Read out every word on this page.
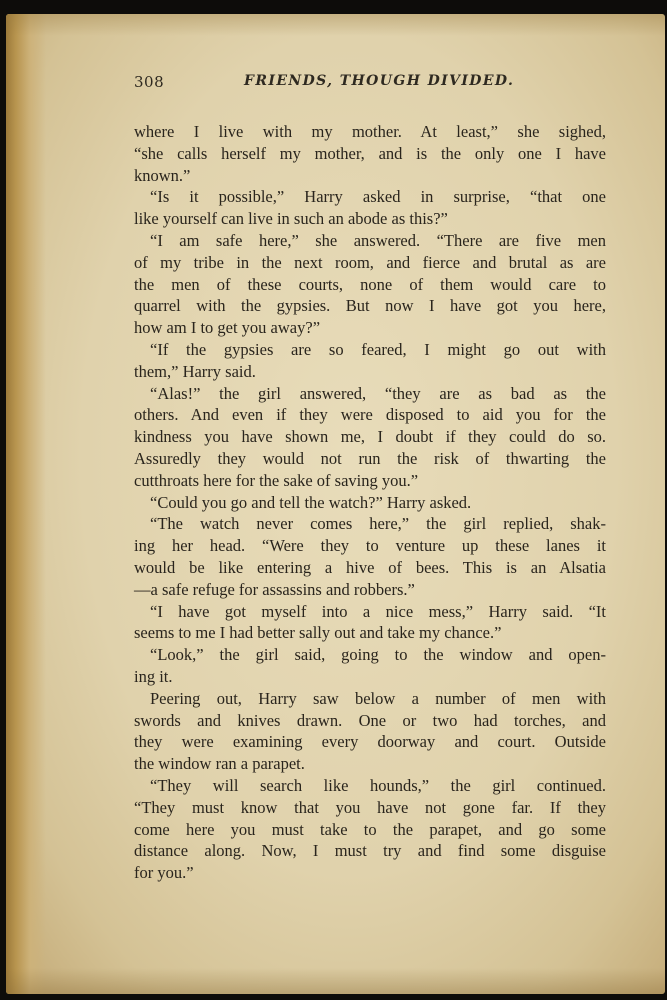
308	FRIENDS, THOUGH DIVIDED.
where I live with my mother. At least,” she sighed,
“she calls herself my mother, and is the only one I have
known.”
“Is it possible,” Harry asked in surprise, “that one
like yourself can live in such an abode as this?”
“I am safe here,” she answered. “There are five men
of my tribe in the next room, and fierce and brutal as are
the men of these courts, none of them would care to
quarrel with the gypsies. But now I have got you here,
how am I to get you away?”
“If the gypsies are so feared, I might go out with
them,” Harry said.
“Alas!” the girl answered, “they are as bad as the
others. And even if they were disposed to aid you for the
kindness you have shown me, I doubt if they could do so.
Assuredly they would not run the risk of thwarting the
cutthroats here for the sake of saving you.”
“Could you go and tell the watch?” Harry asked.
“The watch never comes here,” the girl replied, shak-
ing her head. “Were they to venture up these lanes it
would be like entering a hive of bees. This is an Alsatia
—a safe refuge for assassins and robbers.”
“I have got myself into a nice mess,” Harry said. “It
seems to me I had better sally out and take my chance.”
“Look,” the girl said, going to the window and open-
ing it.
Peering out, Harry saw below a number of men with
swords and knives drawn. One or two had torches, and
they were examining every doorway and court. Outside
the window ran a parapet.
“They will search like hounds,” the girl continued.
“They must know that you have not gone far. If they
come here you must take to the parapet, and go some
distance along. Now, I must try and find some disguise
for you.”
